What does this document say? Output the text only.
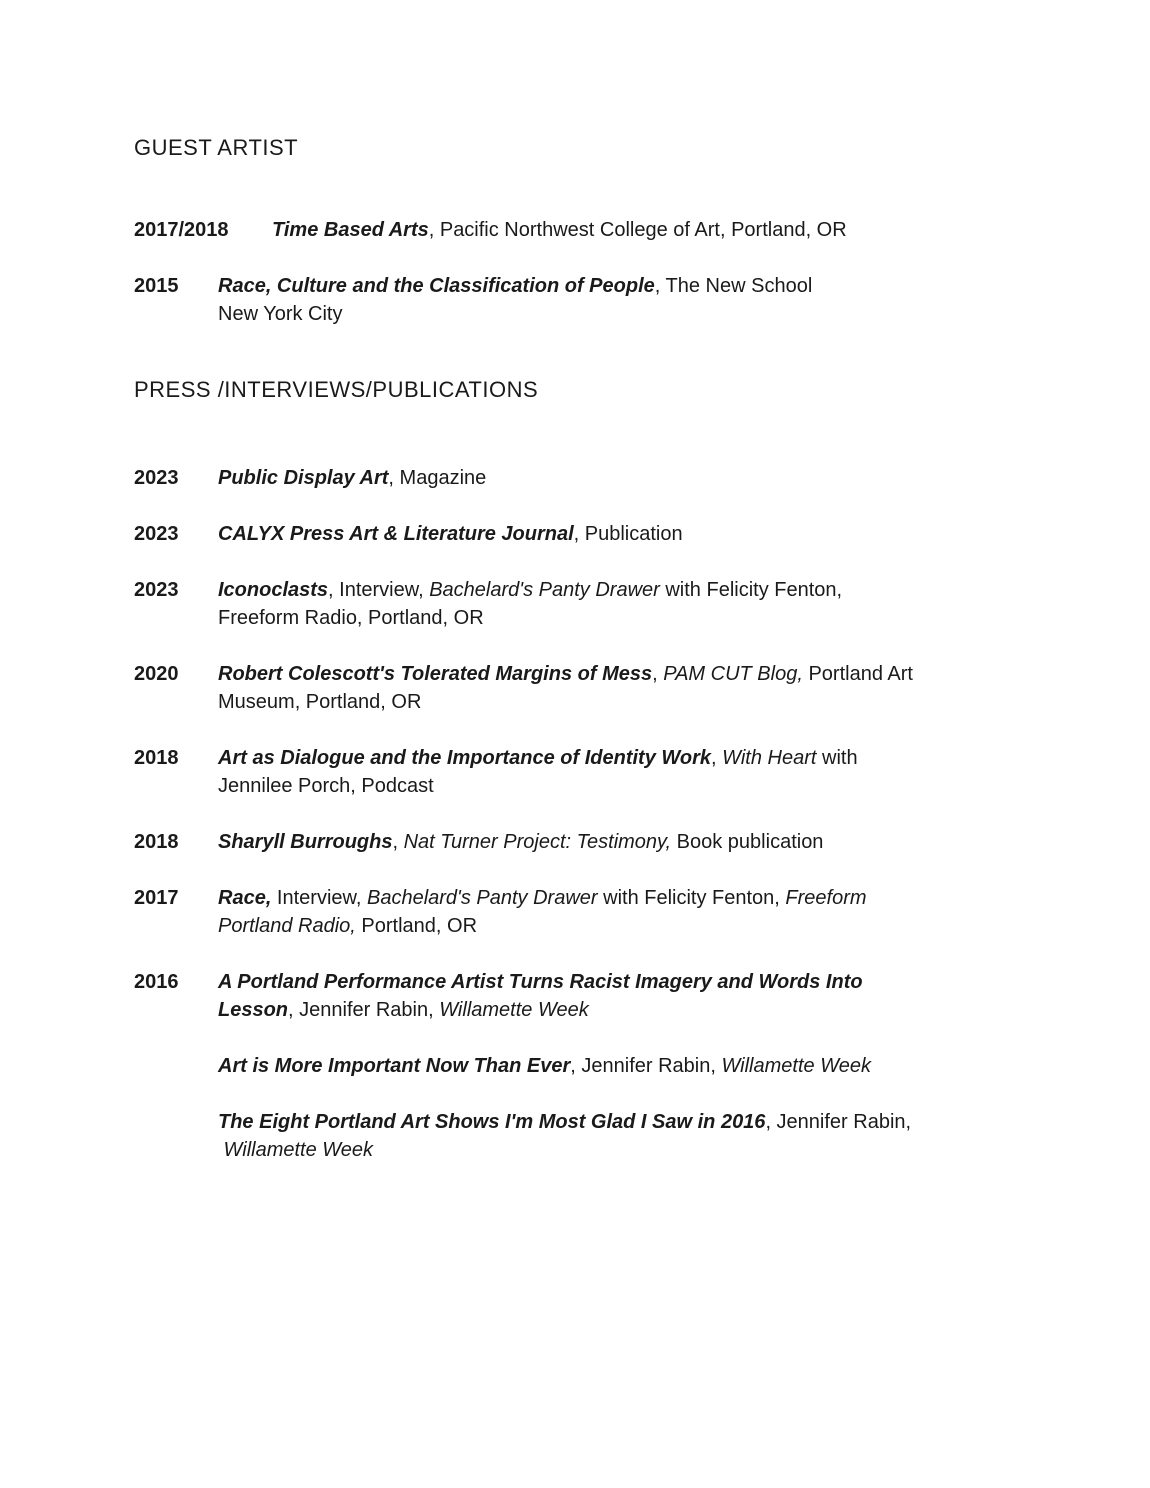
GUEST ARTIST
2017/2018	Time Based Arts, Pacific Northwest College of Art, Portland, OR
2015	Race, Culture and the Classification of People, The New School
New York City
PRESS /INTERVIEWS/PUBLICATIONS
2023	Public Display Art, Magazine
2023	CALYX Press Art & Literature Journal, Publication
2023	Iconoclasts, Interview, Bachelard's Panty Drawer with Felicity Fenton,
Freeform Radio, Portland, OR
2020	Robert Colescott's Tolerated Margins of Mess, PAM CUT Blog, Portland Art
Museum, Portland, OR
2018	Art as Dialogue and the Importance of Identity Work, With Heart with
Jennilee Porch, Podcast
2018	Sharyll Burroughs, Nat Turner Project: Testimony, Book publication
2017	Race, Interview, Bachelard's Panty Drawer with Felicity Fenton, Freeform
Portland Radio, Portland, OR
2016	A Portland Performance Artist Turns Racist Imagery and Words Into
Lesson, Jennifer Rabin, Willamette Week
Art is More Important Now Than Ever, Jennifer Rabin, Willamette Week
The Eight Portland Art Shows I'm Most Glad I Saw in 2016, Jennifer Rabin,
Willamette Week
